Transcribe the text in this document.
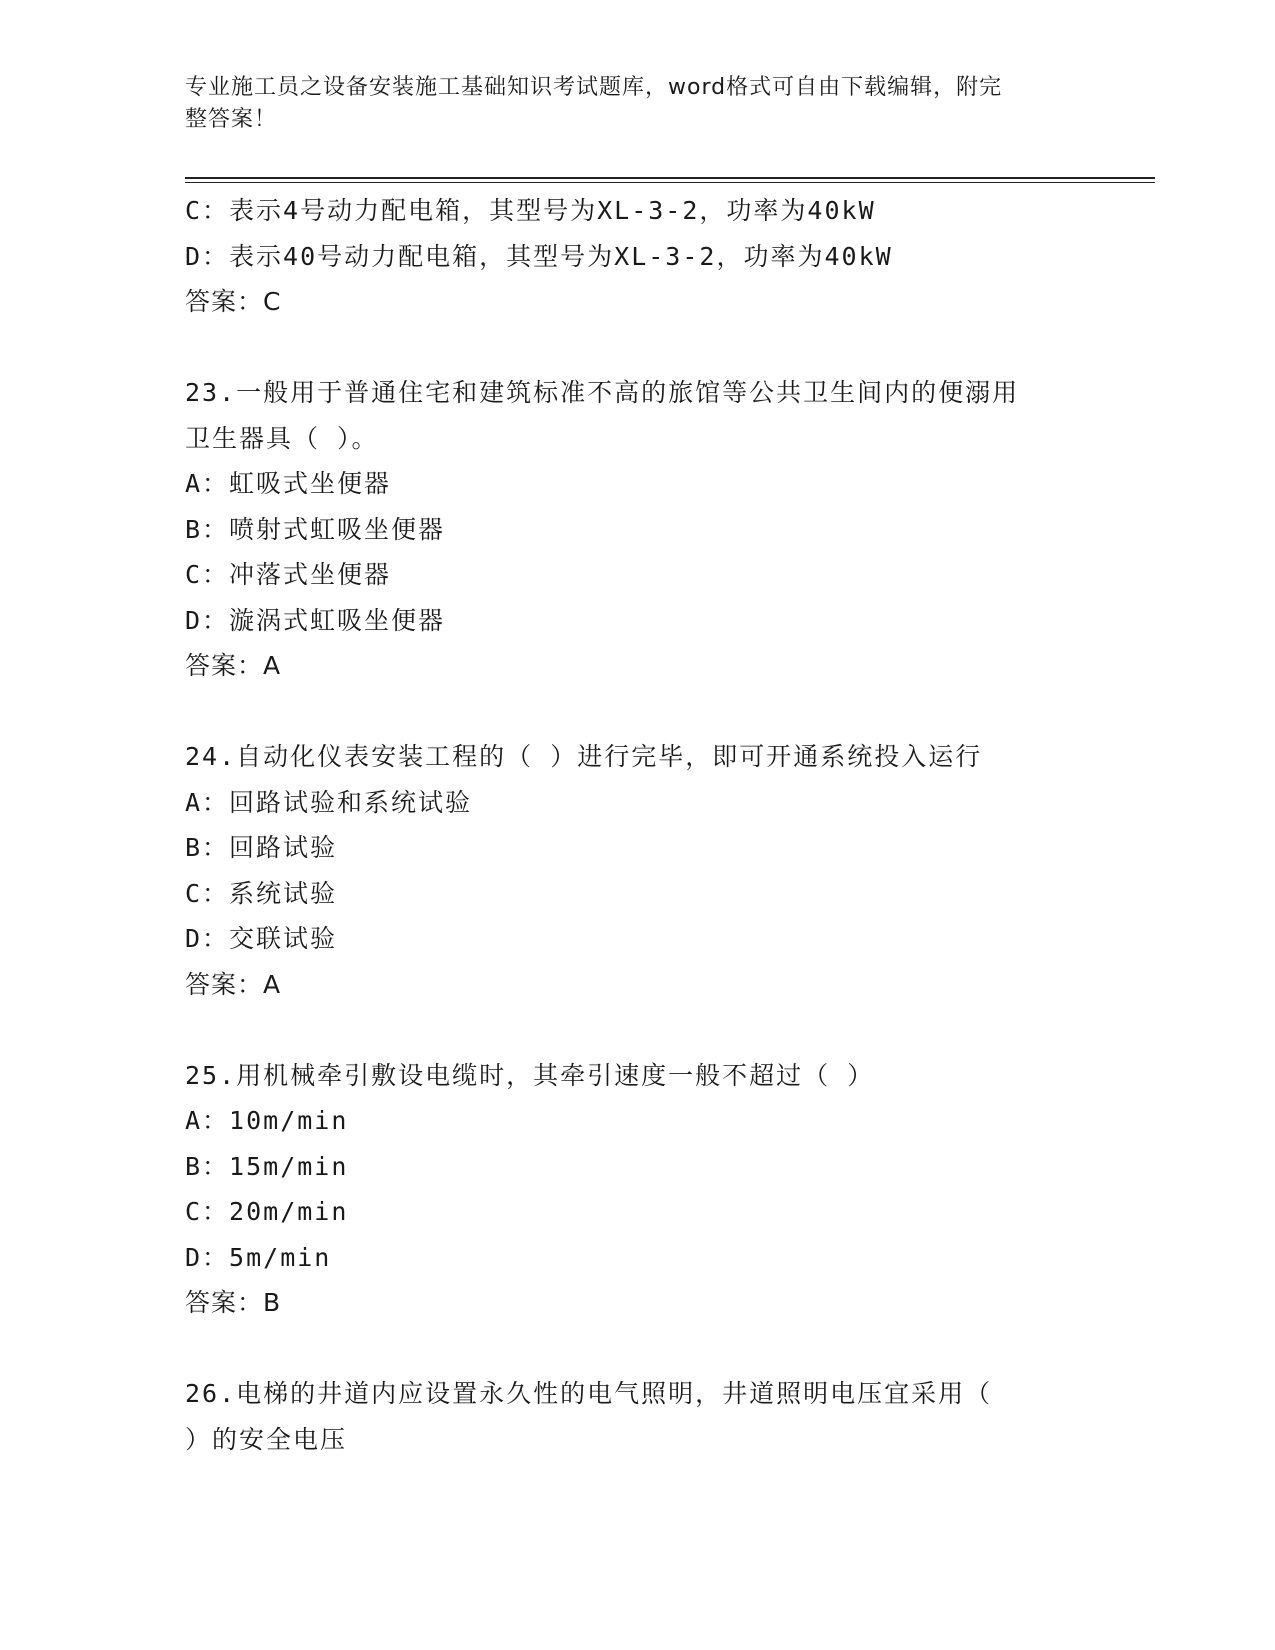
专业施工员之设备安装施工基础知识考试题库，word格式可自由下载编辑，附完
整答案！
C：表示4号动力配电箱，其型号为XL-3-2，功率为40kW
D：表示40号动力配电箱，其型号为XL-3-2，功率为40kW
答案：C
23.一般用于普通住宅和建筑标准不高的旅馆等公共卫生间内的便溺用
卫生器具（ ）。
A：虹吸式坐便器
B：喷射式虹吸坐便器
C：冲落式坐便器
D：漩涡式虹吸坐便器
答案：A
24.自动化仪表安装工程的（ ）进行完毕，即可开通系统投入运行
A：回路试验和系统试验
B：回路试验
C：系统试验
D：交联试验
答案：A
25.用机械牵引敷设电缆时，其牵引速度一般不超过（ ）
A：10m/min
B：15m/min
C：20m/min
D：5m/min
答案：B
26.电梯的井道内应设置永久性的电气照明，井道照明电压宜采用（
）的安全电压
